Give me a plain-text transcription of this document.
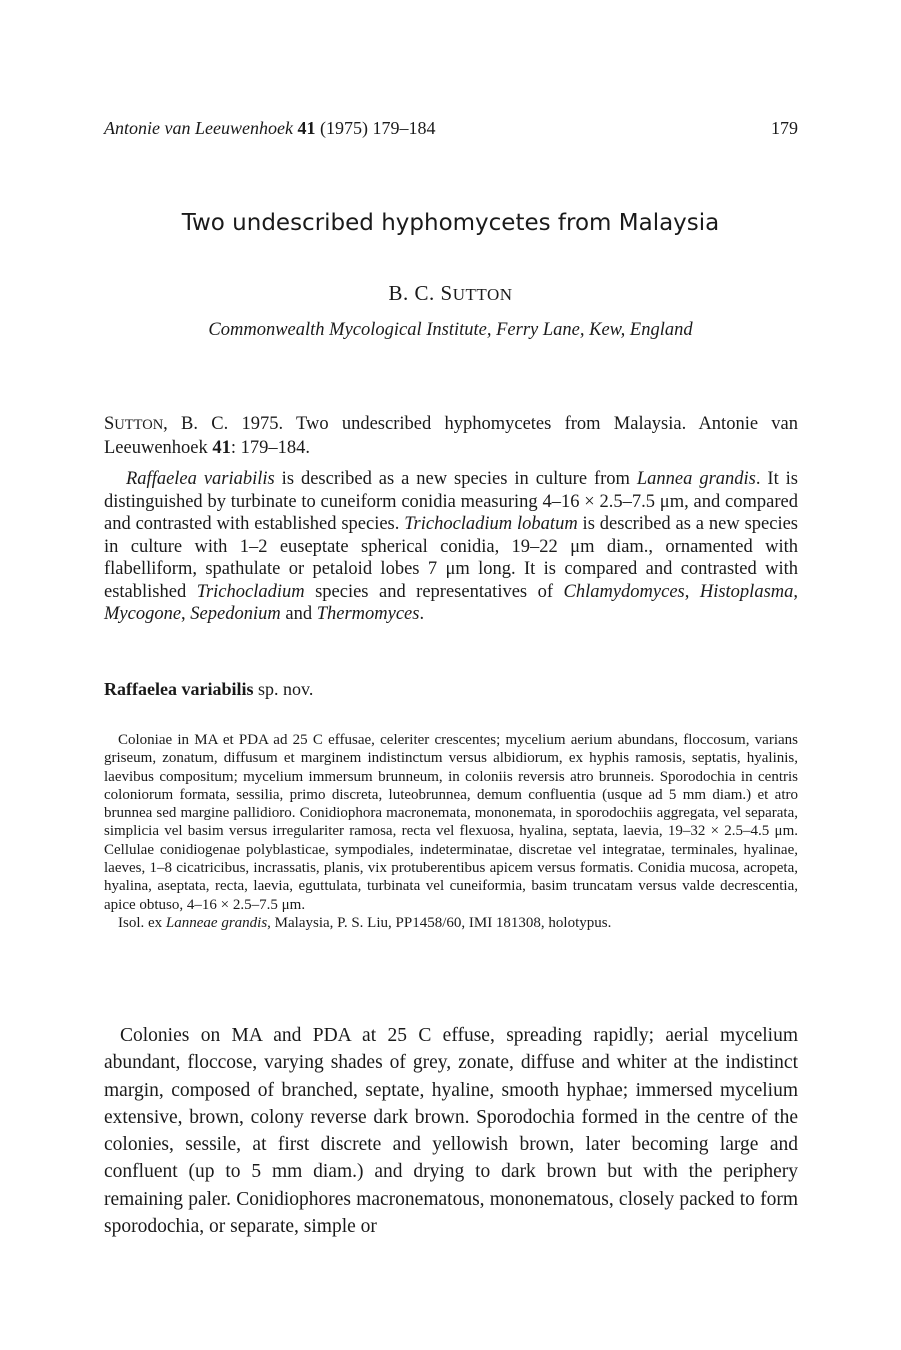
Antonie van Leeuwenhoek 41 (1975) 179–184	179
Two undescribed hyphomycetes from Malaysia
B. C. SUTTON
Commonwealth Mycological Institute, Ferry Lane, Kew, England

SUTTON, B. C. 1975. Two undescribed hyphomycetes from Malaysia. Antonie van Leeuwenhoek 41: 179–184.

Raffaelea variabilis is described as a new species in culture from Lannea grandis. It is distinguished by turbinate to cuneiform conidia measuring 4–16 × 2.5–7.5 μm, and compared and contrasted with established species. Trichocladium lobatum is described as a new species in culture with 1–2 euseptate spherical conidia, 19–22 μm diam., ornamented with flabelliform, spathulate or petaloid lobes 7 μm long. It is compared and contrasted with established Trichocladium species and representatives of Chlamydomyces, Histoplasma, Mycogone, Sepedonium and Thermomyces.

Raffaelea variabilis sp. nov.

Coloniae in MA et PDA ad 25 C effusae, celeriter crescentes; mycelium aerium abundans, floccosum, varians griseum, zonatum, diffusum et marginem indistinctum versus albidiorum, ex hyphis ramosis, septatis, hyalinis, laevibus compositum; mycelium immersum brunneum, in coloniis reversis atro brunneis. Sporodochia in centris coloniorum formata, sessilia, primo discreta, luteobrunnea, demum confluentia (usque ad 5 mm diam.) et atro brunnea sed margine pallidioro. Conidiophora macronemata, mononemata, in sporodochiis aggregata, vel separata, simplicia vel basim versus irregulariter ramosa, recta vel flexuosa, hyalina, septata, laevia, 19–32 × 2.5–4.5 μm. Cellulae conidiogenae polyblasticae, sympodiales, indeterminatae, discretae vel integratae, terminales, hyalinae, laeves, 1–8 cicatricibus, incrassatis, planis, vix protuberentibus apicem versus formatis. Conidia mucosa, acropeta, hyalina, aseptata, recta, laevia, eguttulata, turbinata vel cuneiformia, basim truncatam versus valde decrescentia, apice obtuso, 4–16 × 2.5–7.5 μm.

Isol. ex Lanneae grandis, Malaysia, P. S. Liu, PP1458/60, IMI 181308, holotypus.

Colonies on MA and PDA at 25 C effuse, spreading rapidly; aerial mycelium abundant, floccose, varying shades of grey, zonate, diffuse and whiter at the indistinct margin, composed of branched, septate, hyaline, smooth hyphae; immersed mycelium extensive, brown, colony reverse dark brown. Sporodochia formed in the centre of the colonies, sessile, at first discrete and yellowish brown, later becoming large and confluent (up to 5 mm diam.) and drying to dark brown but with the periphery remaining paler. Conidiophores macronematous, mononematous, closely packed to form sporodochia, or separate, simple or
